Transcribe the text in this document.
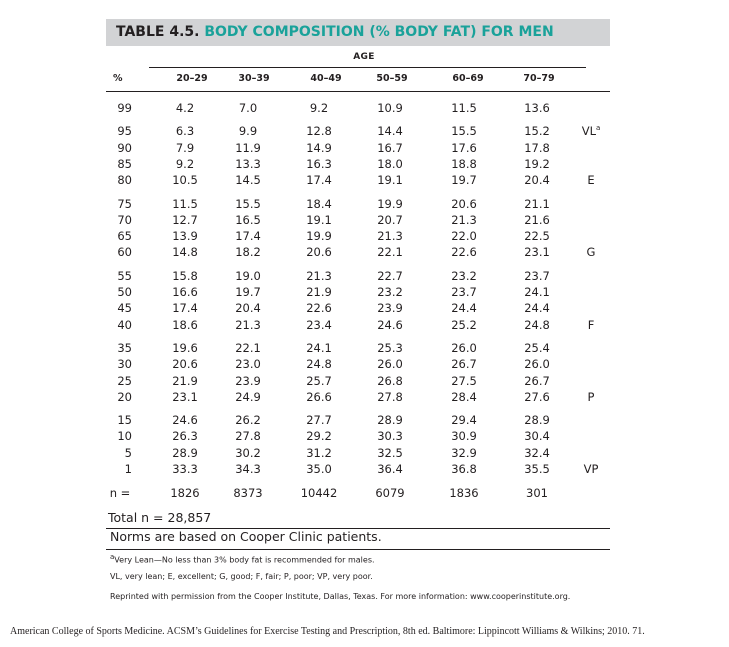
TABLE 4.5. BODY COMPOSITION (% BODY FAT) FOR MEN
AGE
%	20–29	30–39	40–49	50–59	60–69	70–79
99	4.2	7.0	9.2	10.9	11.5	13.6
95	6.3	9.9	12.8	14.4	15.5	15.2	$VL^a$
90	7.9	11.9	14.9	16.7	17.6	17.8
85	9.2	13.3	16.3	18.0	18.8	19.2
80	10.5	14.5	17.4	19.1	19.7	20.4	E
75	11.5	15.5	18.4	19.9	20.6	21.1
70	12.7	16.5	19.1	20.7	21.3	21.6
65	13.9	17.4	19.9	21.3	22.0	22.5
60	14.8	18.2	20.6	22.1	22.6	23.1	G
55	15.8	19.0	21.3	22.7	23.2	23.7
50	16.6	19.7	21.9	23.2	23.7	24.1
45	17.4	20.4	22.6	23.9	24.4	24.4
40	18.6	21.3	23.4	24.6	25.2	24.8	F
35	19.6	22.1	24.1	25.3	26.0	25.4
30	20.6	23.0	24.8	26.0	26.7	26.0
25	21.9	23.9	25.7	26.8	27.5	26.7
20	23.1	24.9	26.6	27.8	28.4	27.6	P
15	24.6	26.2	27.7	28.9	29.4	28.9
10	26.3	27.8	29.2	30.3	30.9	30.4
5	28.9	30.2	31.2	32.5	32.9	32.4
1	33.3	34.3	35.0	36.4	36.8	35.5	VP
n =	1826	8373	10442	6079	1836	301
Total n = 28,857
Norms are based on Cooper Clinic patients.
$^a$Very Lean—No less than 3% body fat is recommended for males.
VL, very lean; E, excellent; G, good; F, fair; P, poor; VP, very poor.
Reprinted with permission from the Cooper Institute, Dallas, Texas. For more information: www.cooperinstitute.org.
American College of Sports Medicine. ACSM’s Guidelines for Exercise Testing and Prescription, 8th ed. Baltimore: Lippincott Williams & Wilkins; 2010. 71.
